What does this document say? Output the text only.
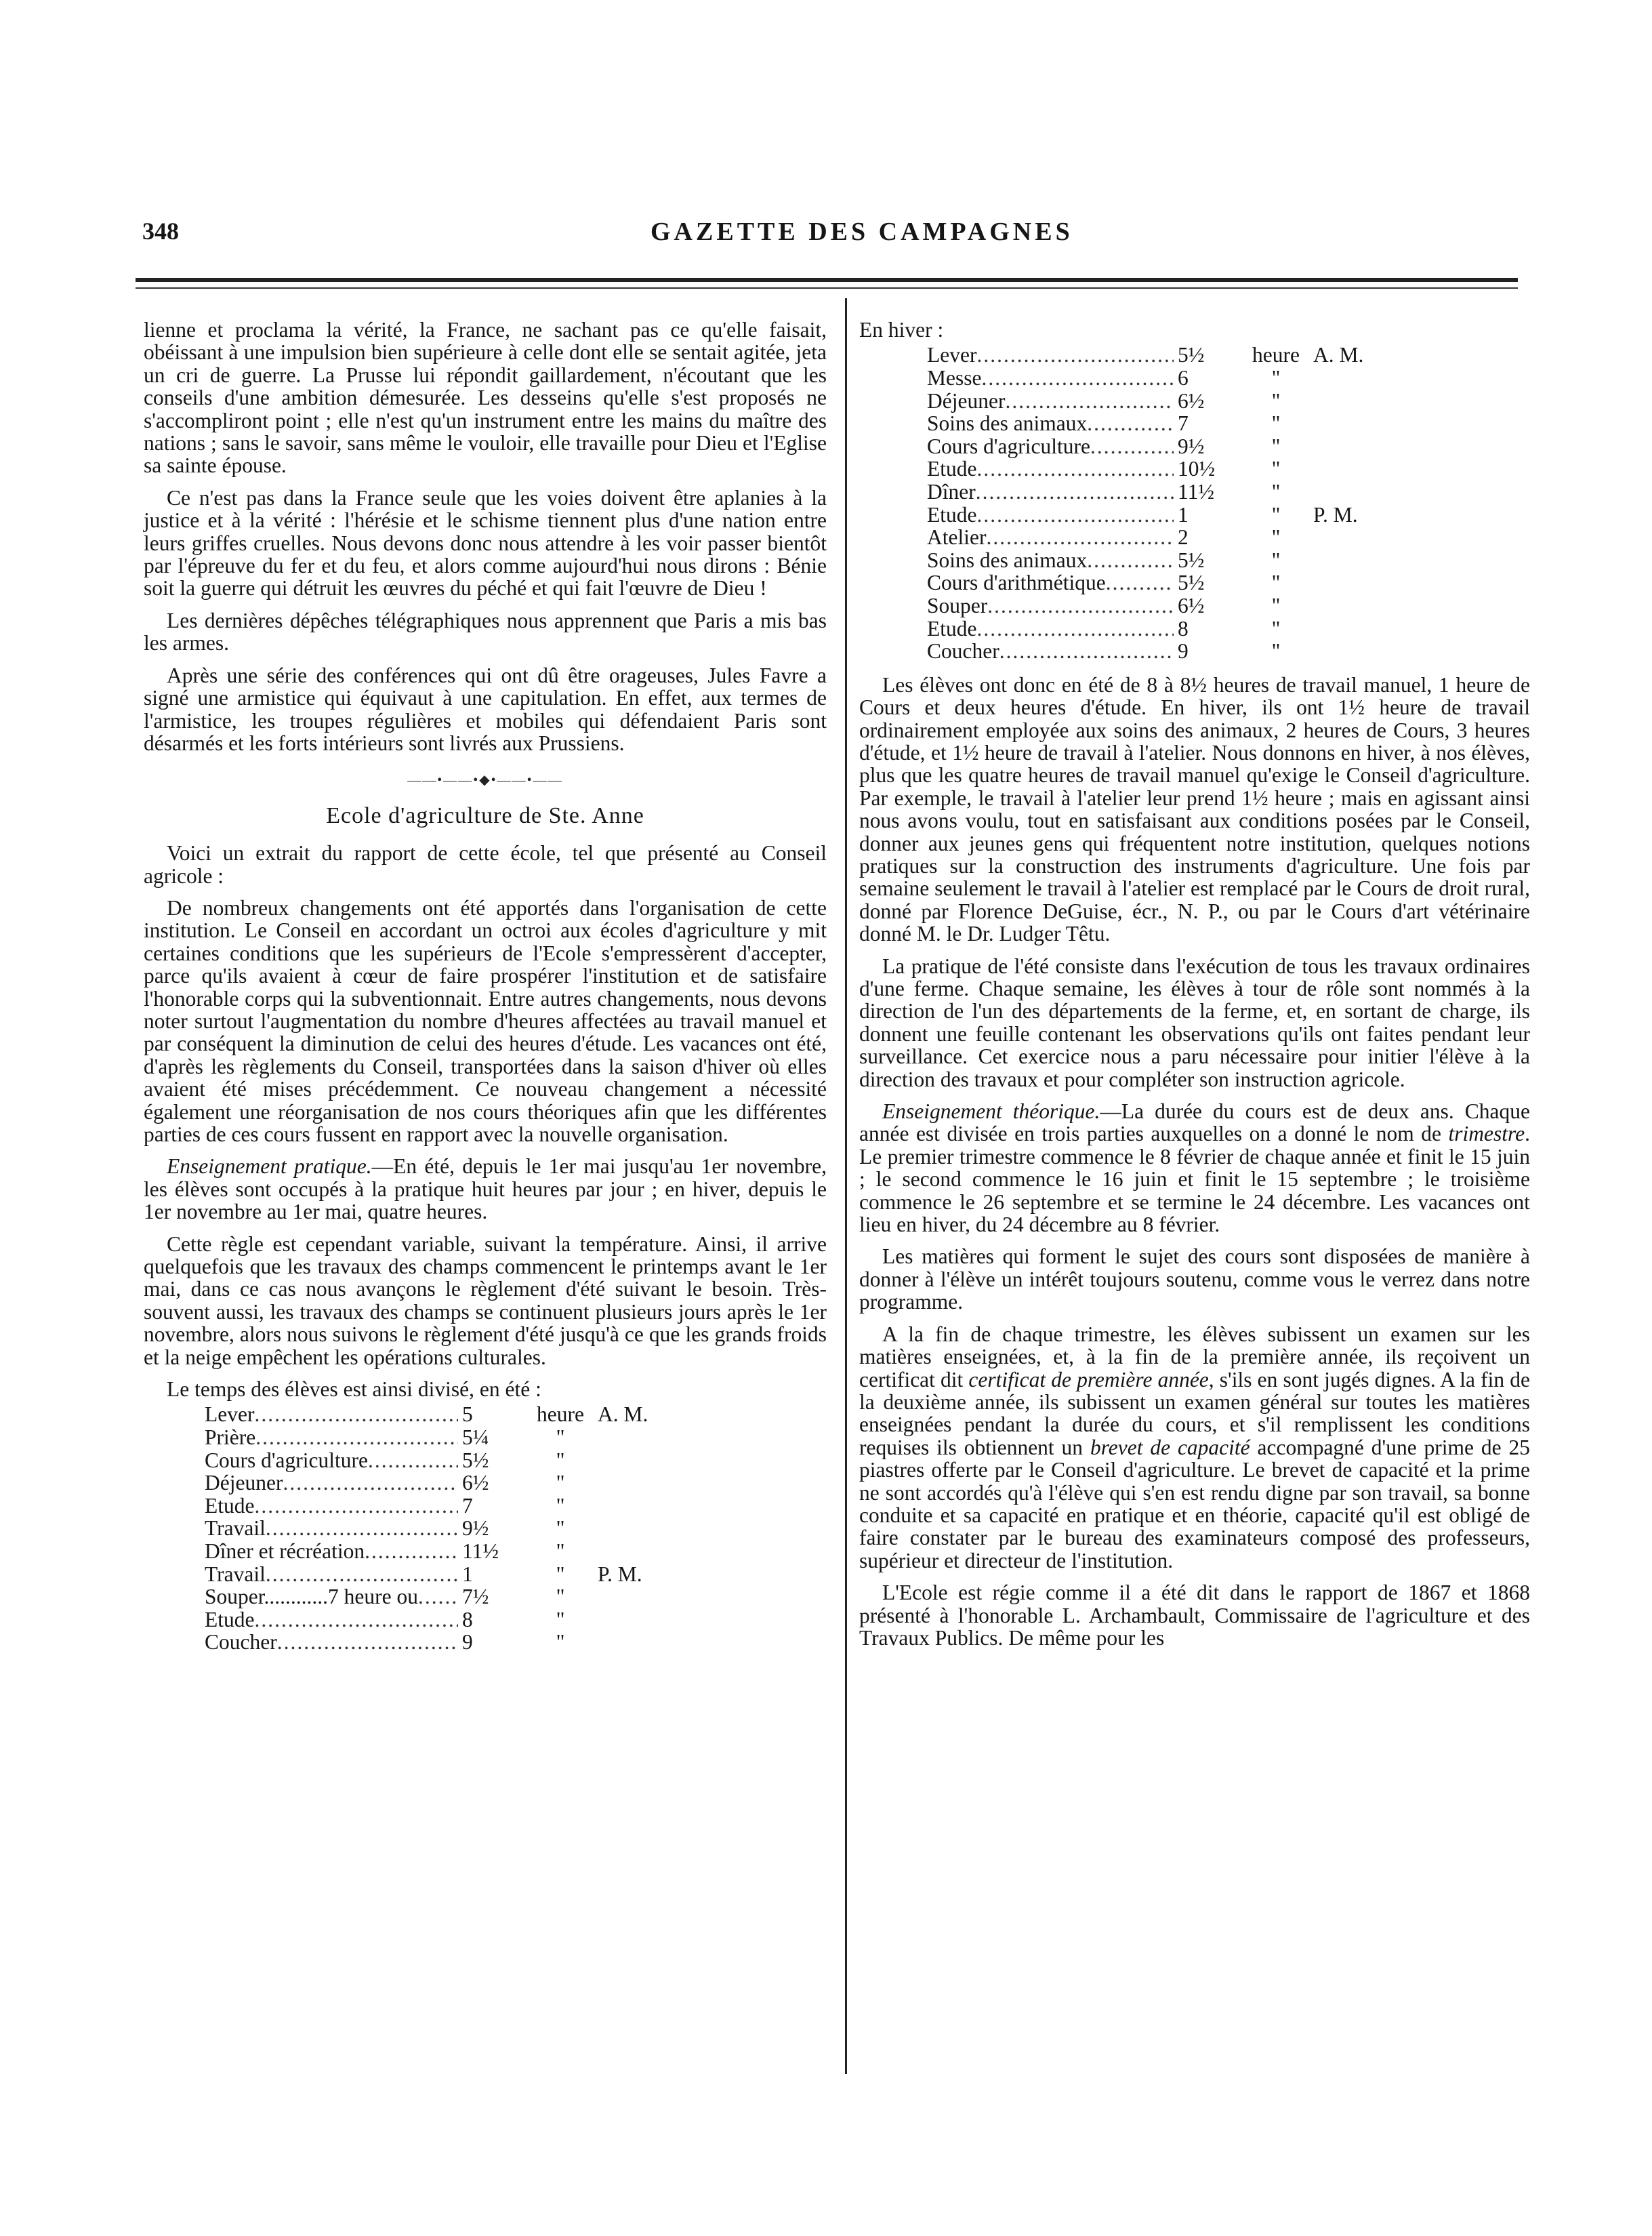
348	GAZETTE DES CAMPAGNES

lienne et proclama la vérité, la France, ne sachant pas ce qu'elle faisait, obéissant à une impulsion bien supérieure à celle dont elle se sentait agitée, jeta un cri de guerre. La Prusse lui répondit gaillardement, n'écoutant que les conseils d'une ambition démesurée. Les desseins qu'elle s'est proposés ne s'accompliront point ; elle n'est qu'un instrument entre les mains du maître des nations ; sans le savoir, sans même le vouloir, elle travaille pour Dieu et l'Eglise sa sainte épouse.

Ce n'est pas dans la France seule que les voies doivent être aplanies à la justice et à la vérité : l'hérésie et le schisme tiennent plus d'une nation entre leurs griffes cruelles. Nous devons donc nous attendre à les voir passer bientôt par l'épreuve du fer et du feu, et alors comme aujourd'hui nous dirons : Bénie soit la guerre qui détruit les œuvres du péché et qui fait l'œuvre de Dieu !

Les dernières dépêches télégraphiques nous apprennent que Paris a mis bas les armes.

Après une série des conférences qui ont dû être orageuses, Jules Favre a signé une armistice qui équivaut à une capitulation. En effet, aux termes de l'armistice, les troupes régulières et mobiles qui défendaient Paris sont désarmés et les forts intérieurs sont livrés aux Prussiens.

——•——•◆•——•——
Ecole d'agriculture de Ste. Anne

Voici un extrait du rapport de cette école, tel que présenté au Conseil agricole :

De nombreux changements ont été apportés dans l'organisation de cette institution. Le Conseil en accordant un octroi aux écoles d'agriculture y mit certaines conditions que les supérieurs de l'Ecole s'empressèrent d'accepter, parce qu'ils avaient à cœur de faire prospérer l'institution et de satisfaire l'honorable corps qui la subventionnait. Entre autres changements, nous devons noter surtout l'augmentation du nombre d'heures affectées au travail manuel et par conséquent la diminution de celui des heures d'étude. Les vacances ont été, d'après les règlements du Conseil, transportées dans la saison d'hiver où elles avaient été mises précédemment. Ce nouveau changement a nécessité également une réorganisation de nos cours théoriques afin que les différentes parties de ces cours fussent en rapport avec la nouvelle organisation.

Enseignement pratique.—En été, depuis le 1er mai jusqu'au 1er novembre, les élèves sont occupés à la pratique huit heures par jour ; en hiver, depuis le 1er novembre au 1er mai, quatre heures.

Cette règle est cependant variable, suivant la température. Ainsi, il arrive quelquefois que les travaux des champs commencent le printemps avant le 1er mai, dans ce cas nous avançons le règlement d'été suivant le besoin. Très-souvent aussi, les travaux des champs se continuent plusieurs jours après le 1er novembre, alors nous suivons le règlement d'été jusqu'à ce que les grands froids et la neige empêchent les opérations culturales.

Le temps des élèves est ainsi divisé, en été :

Lever .....	5	heure A. M.
Prière .....	5¼	"
Cours d'agriculture .....	5½	"
Déjeuner .....	6½	"
Etude .....	7	"
Travail .....	9½	"
Dîner et récréation .....	11½	"
Travail .....	1	"	P. M.
Souper............7 heure ou ..... 7½	"
Etude .....	8	"
Coucher .....	9	"

En hiver :

Lever .....	5½	heure A. M.
Messe .....	6	"
Déjeuner .....	6½	"
Soins des animaux .....	7	"
Cours d'agriculture .....	9½	"
Etude .....	10½	"
Dîner .....	11½	"
Etude .....	1	"	P. M.
Atelier .....	2	"
Soins des animaux .....	5½	"
Cours d'arithmétique .....	5½	"
Souper .....	6½	"
Etude .....	8	"
Coucher .....	9	"

Les élèves ont donc en été de 8 à 8½ heures de travail manuel, 1 heure de Cours et deux heures d'étude. En hiver, ils ont 1½ heure de travail ordinairement employée aux soins des animaux, 2 heures de Cours, 3 heures d'étude, et 1½ heure de travail à l'atelier. Nous donnons en hiver, à nos élèves, plus que les quatre heures de travail manuel qu'exige le Conseil d'agriculture. Par exemple, le travail à l'atelier leur prend 1½ heure ; mais en agissant ainsi nous avons voulu, tout en satisfaisant aux conditions posées par le Conseil, donner aux jeunes gens qui fréquentent notre institution, quelques notions pratiques sur la construction des instruments d'agriculture. Une fois par semaine seulement le travail à l'atelier est remplacé par le Cours de droit rural, donné par Florence DeGuise, écr., N. P., ou par le Cours d'art vétérinaire donné M. le Dr. Ludger Têtu.

La pratique de l'été consiste dans l'exécution de tous les travaux ordinaires d'une ferme. Chaque semaine, les élèves à tour de rôle sont nommés à la direction de l'un des départements de la ferme, et, en sortant de charge, ils donnent une feuille contenant les observations qu'ils ont faites pendant leur surveillance. Cet exercice nous a paru nécessaire pour initier l'élève à la direction des travaux et pour compléter son instruction agricole.

Enseignement théorique.—La durée du cours est de deux ans. Chaque année est divisée en trois parties auxquelles on a donné le nom de trimestre. Le premier trimestre commence le 8 février de chaque année et finit le 15 juin ; le second commence le 16 juin et finit le 15 septembre ; le troisième commence le 26 septembre et se termine le 24 décembre. Les vacances ont lieu en hiver, du 24 décembre au 8 février.

Les matières qui forment le sujet des cours sont disposées de manière à donner à l'élève un intérêt toujours soutenu, comme vous le verrez dans notre programme.

A la fin de chaque trimestre, les élèves subissent un examen sur les matières enseignées, et, à la fin de la première année, ils reçoivent un certificat dit certificat de première année, s'ils en sont jugés dignes. A la fin de la deuxième année, ils subissent un examen général sur toutes les matières enseignées pendant la durée du cours, et s'il remplissent les conditions requises ils obtiennent un brevet de capacité accompagné d'une prime de 25 piastres offerte par le Conseil d'agriculture. Le brevet de capacité et la prime ne sont accordés qu'à l'élève qui s'en est rendu digne par son travail, sa bonne conduite et sa capacité en pratique et en théorie, capacité qu'il est obligé de faire constater par le bureau des examinateurs composé des professeurs, supérieur et directeur de l'institution.

L'Ecole est régie comme il a été dit dans le rapport de 1867 et 1868 présenté à l'honorable L. Archambault, Commissaire de l'agriculture et des Travaux Publics. De même pour les
